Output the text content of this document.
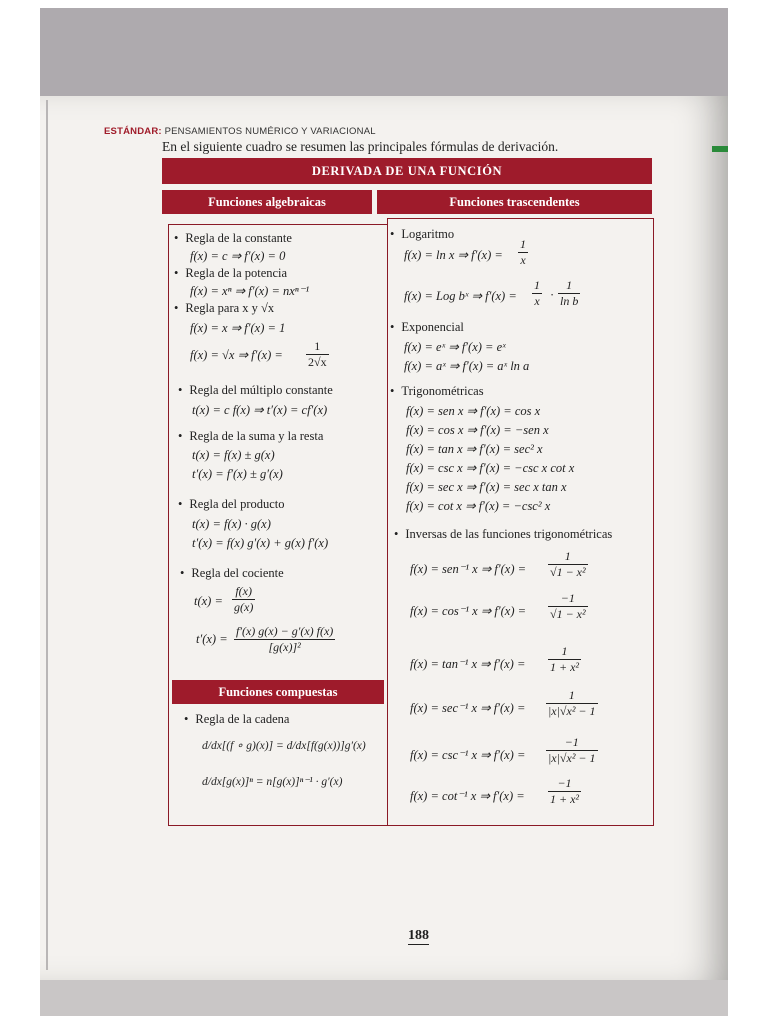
ESTÁNDAR: PENSAMIENTOS NUMÉRICO Y VARIACIONAL
En el siguiente cuadro se resumen las principales fórmulas de derivación.
DERIVADA DE UNA FUNCIÓN
Funciones algebraicas	Funciones trascendentes
• Regla de la constante
f(x) = c ⇒ f′(x) = 0
• Regla de la potencia
f(x) = xⁿ ⇒ f′(x) = nxⁿ⁻¹
• Regla para x y √x
f(x) = x ⇒ f′(x) = 1
f(x) = √x ⇒ $f'(x) = \frac{1}{2√x}$
• Regla del múltiplo constante
t(x) = c f(x) ⇒ t′(x) = cf′(x)
• Regla de la suma y la resta
t(x) = f(x) ± g(x)
t′(x) = f′(x) ± g′(x)
• Regla del producto
t(x) = f(x) · g(x)
t′(x) = f(x) g′(x) + g(x) f′(x)
• Regla del cociente
$t(x) = \frac{f(x)}{g(x)}$
$t'(x) = \frac{f'(x) g(x) - g'(x) f(x)}{\text{[g(x)]²}}$
Funciones compuestas
• Regla de la cadena
d/dx[(f ∘ g)(x)] = d/dx[f(g(x))]g′(x)
d/dx[g(x)]ⁿ = n[g(x)]ⁿ⁻¹ · g′(x)
• Logaritmo
f(x) = ln x ⇒ $f'(x) = \frac{1}{x}$
f(x) = Log bˣ ⇒ $f'(x) = \frac{1}{x} \cdot \frac{1}{\text{ln b}}$
• Exponencial
f(x) = eˣ ⇒ f′(x) = eˣ
f(x) = aˣ ⇒ f′(x) = aˣ ln a
• Trigonométricas
f(x) = sen x ⇒ f′(x) = cos x
f(x) = cos x ⇒ f′(x) = −sen x
f(x) = tan x ⇒ f′(x) = sec² x
f(x) = csc x ⇒ f′(x) = −csc x cot x
f(x) = sec x ⇒ f′(x) = sec x tan x
f(x) = cot x ⇒ f′(x) = −csc² x
• Inversas de las funciones trigonométricas
f(x) = sen⁻¹ x ⇒ $f'(x) = \frac{1}{\text{√1 − x²}}$
f(x) = cos⁻¹ x ⇒ $f'(x) = \frac{-1}{\text{√1 − x²}}$
f(x) = tan⁻¹ x ⇒ $f'(x) = \frac{1}{\text{1 + x²}}$
f(x) = sec⁻¹ x ⇒ $f'(x) = \frac{1}{\text{|x|√x² − 1}}$
f(x) = csc⁻¹ x ⇒ $f'(x) = \frac{-1}{\text{|x|√x² − 1}}$
f(x) = cot⁻¹ x ⇒ $f'(x) = \frac{-1}{\text{1 + x²}}$
188
